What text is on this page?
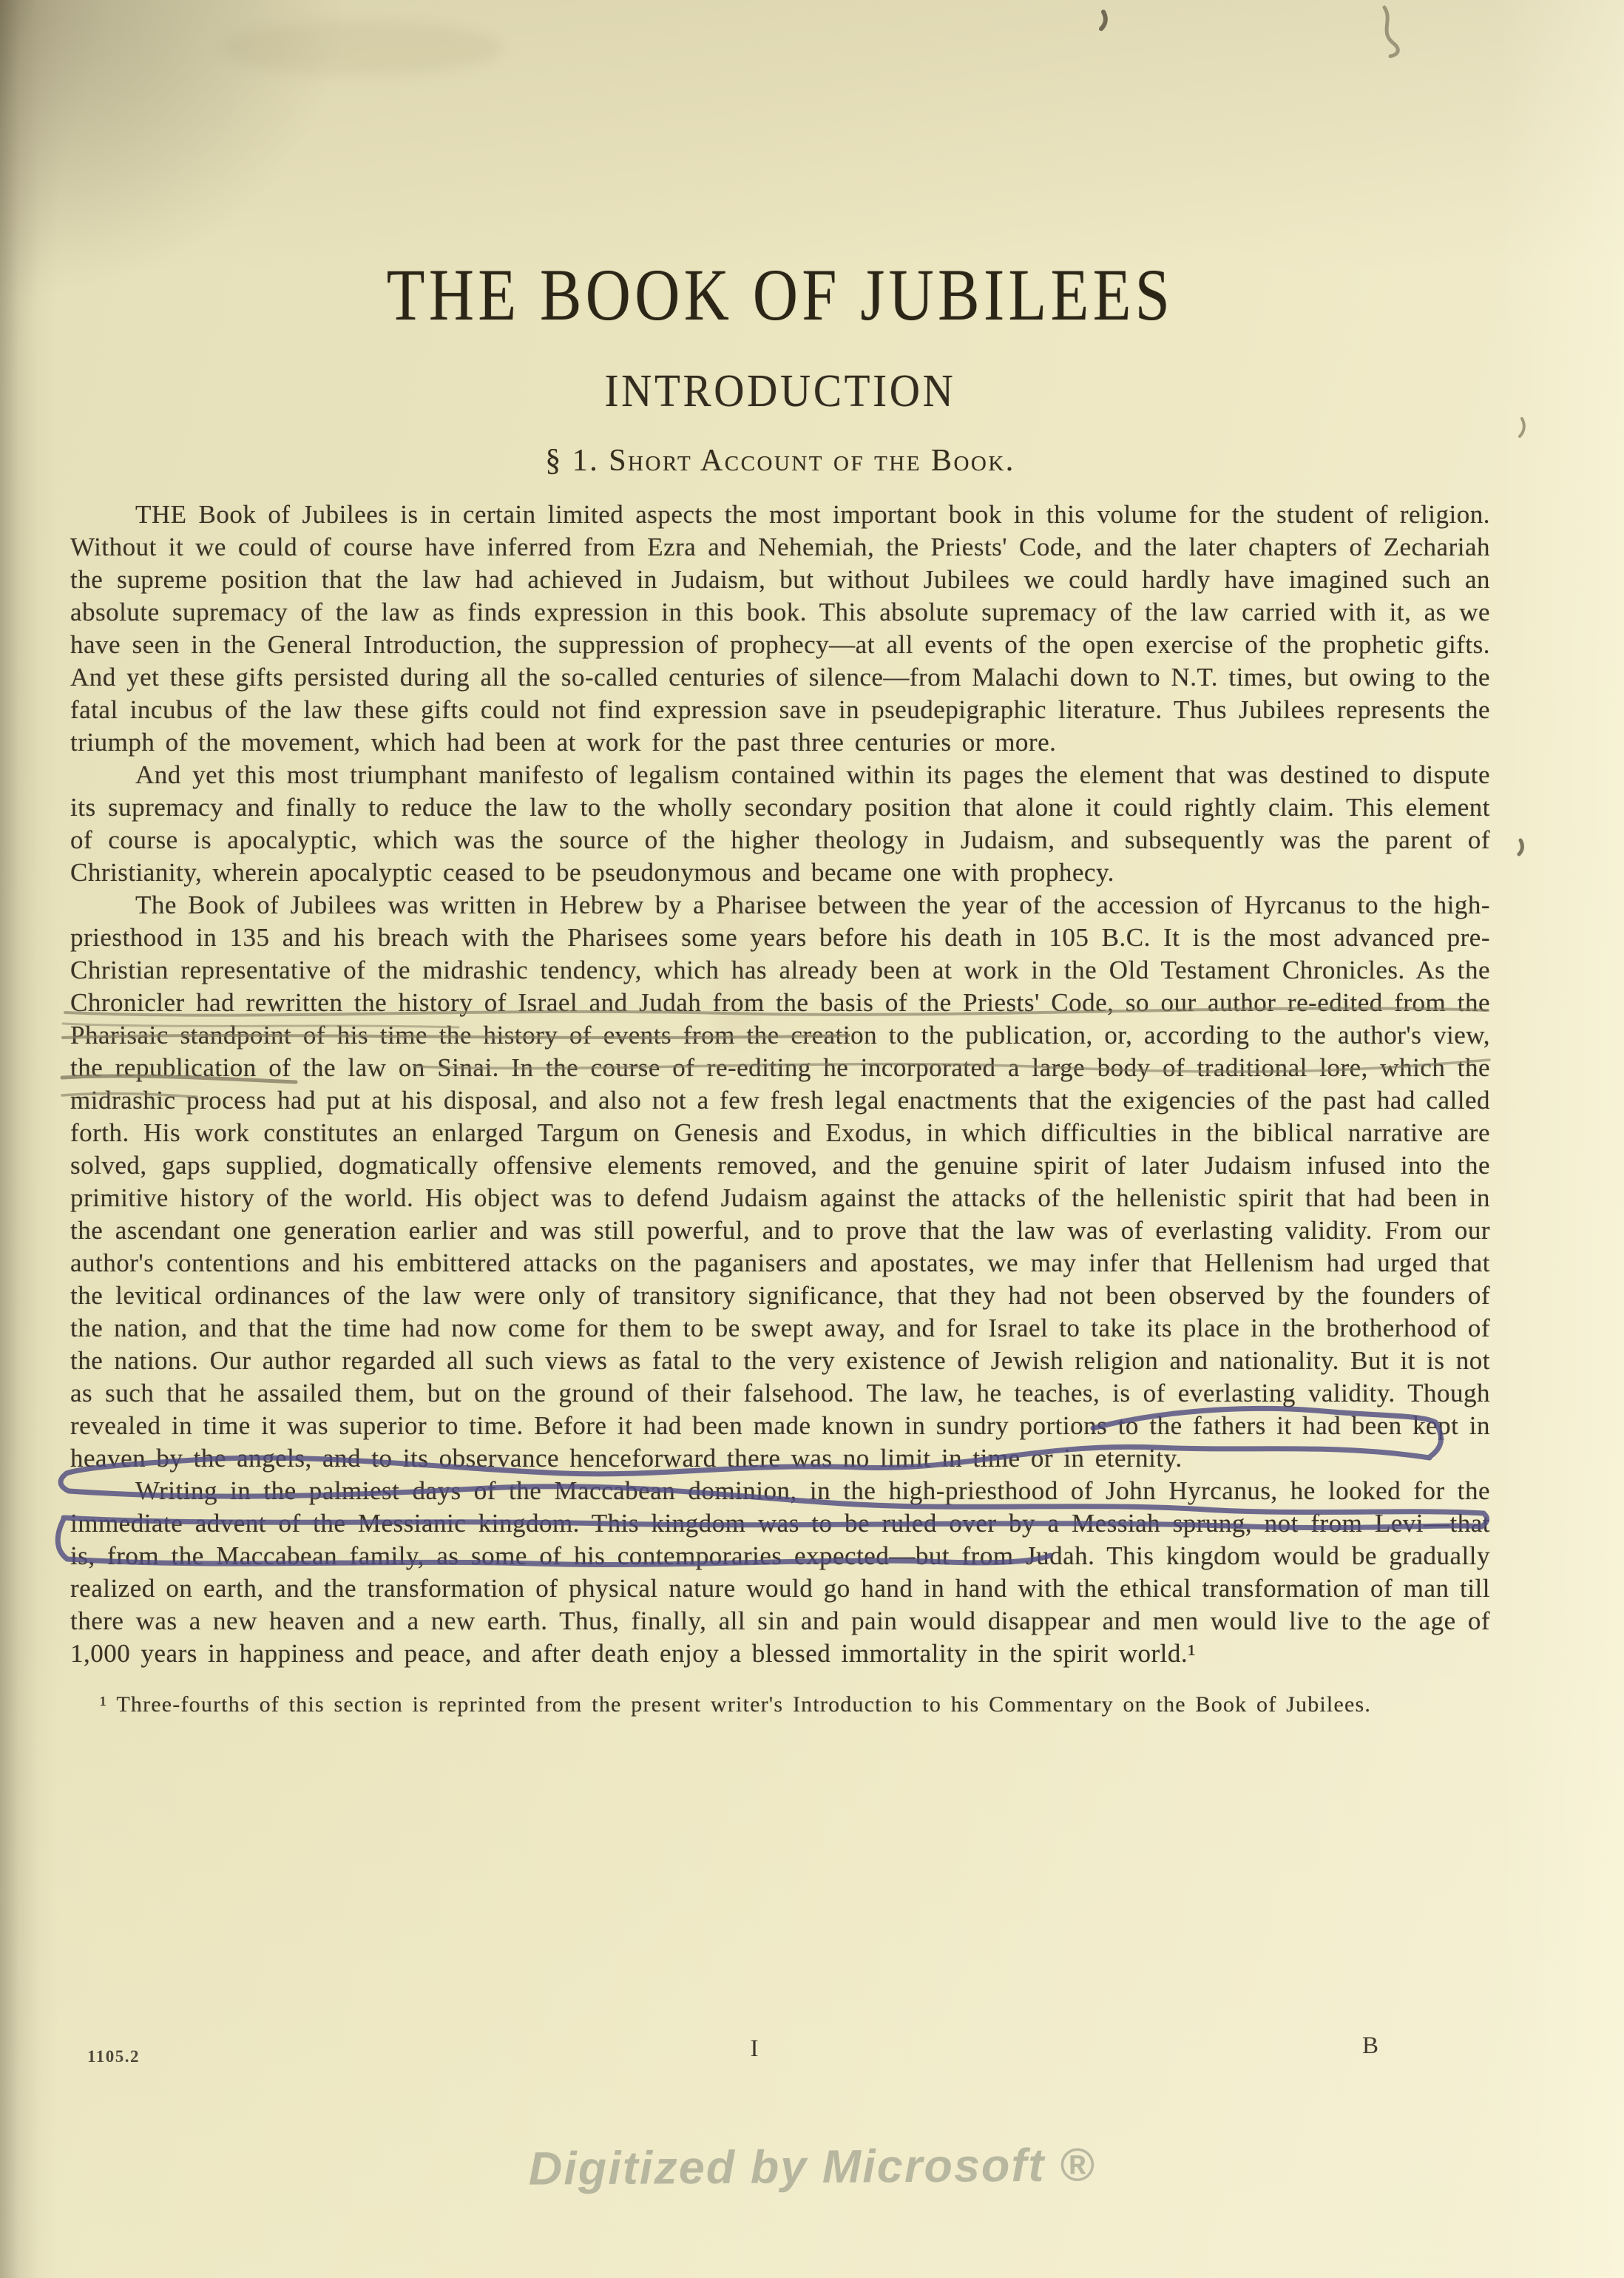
THE BOOK OF JUBILEES
INTRODUCTION
§ 1. Short Account of the Book.

THE Book of Jubilees is in certain limited aspects the most important book in this volume for the student of religion. Without it we could of course have inferred from Ezra and Nehemiah, the Priests' Code, and the later chapters of Zechariah the supreme position that the law had achieved in Judaism, but without Jubilees we could hardly have imagined such an absolute supremacy of the law as finds expression in this book. This absolute supremacy of the law carried with it, as we have seen in the General Introduction, the suppression of prophecy—at all events of the open exercise of the prophetic gifts. And yet these gifts persisted during all the so-called centuries of silence—from Malachi down to N.T. times, but owing to the fatal incubus of the law these gifts could not find expression save in pseudepigraphic literature. Thus Jubilees represents the triumph of the movement, which had been at work for the past three centuries or more.

And yet this most triumphant manifesto of legalism contained within its pages the element that was destined to dispute its supremacy and finally to reduce the law to the wholly secondary position that alone it could rightly claim. This element of course is apocalyptic, which was the source of the higher theology in Judaism, and subsequently was the parent of Christianity, wherein apocalyptic ceased to be pseudonymous and became one with prophecy.

The Book of Jubilees was written in Hebrew by a Pharisee between the year of the accession of Hyrcanus to the high-priesthood in 135 and his breach with the Pharisees some years before his death in 105 B.C. It is the most advanced pre-Christian representative of the midrashic tendency, which has already been at work in the Old Testament Chronicles. As the Chronicler had rewritten the history of Israel and Judah from the basis of the Priests' Code, so our author re-edited from the Pharisaic standpoint of his time the history of events from the creation to the publication, or, according to the author's view, the republication of the law on Sinai. In the course of re-editing he incorporated a large body of traditional lore, which the midrashic process had put at his disposal, and also not a few fresh legal enactments that the exigencies of the past had called forth. His work constitutes an enlarged Targum on Genesis and Exodus, in which difficulties in the biblical narrative are solved, gaps supplied, dogmatically offensive elements removed, and the genuine spirit of later Judaism infused into the primitive history of the world. His object was to defend Judaism against the attacks of the hellenistic spirit that had been in the ascendant one generation earlier and was still powerful, and to prove that the law was of everlasting validity. From our author's contentions and his embittered attacks on the paganisers and apostates, we may infer that Hellenism had urged that the levitical ordinances of the law were only of transitory significance, that they had not been observed by the founders of the nation, and that the time had now come for them to be swept away, and for Israel to take its place in the brotherhood of the nations. Our author regarded all such views as fatal to the very existence of Jewish religion and nationality. But it is not as such that he assailed them, but on the ground of their falsehood. The law, he teaches, is of everlasting validity. Though revealed in time it was superior to time. Before it had been made known in sundry portions to the fathers it had been kept in heaven by the angels, and to its observance henceforward there was no limit in time or in eternity.

Writing in the palmiest days of the Maccabean dominion, in the high-priesthood of John Hyrcanus, he looked for the immediate advent of the Messianic kingdom. This kingdom was to be ruled over by a Messiah sprung, not from Levi—that is, from the Maccabean family, as some of his contemporaries expected—but from Judah. This kingdom would be gradually realized on earth, and the transformation of physical nature would go hand in hand with the ethical transformation of man till there was a new heaven and a new earth. Thus, finally, all sin and pain would disappear and men would live to the age of 1,000 years in happiness and peace, and after death enjoy a blessed immortality in the spirit world.¹

¹ Three-fourths of this section is reprinted from the present writer's Introduction to his Commentary on the Book of Jubilees.
1105.2	I	B
Digitized by Microsoft ®
